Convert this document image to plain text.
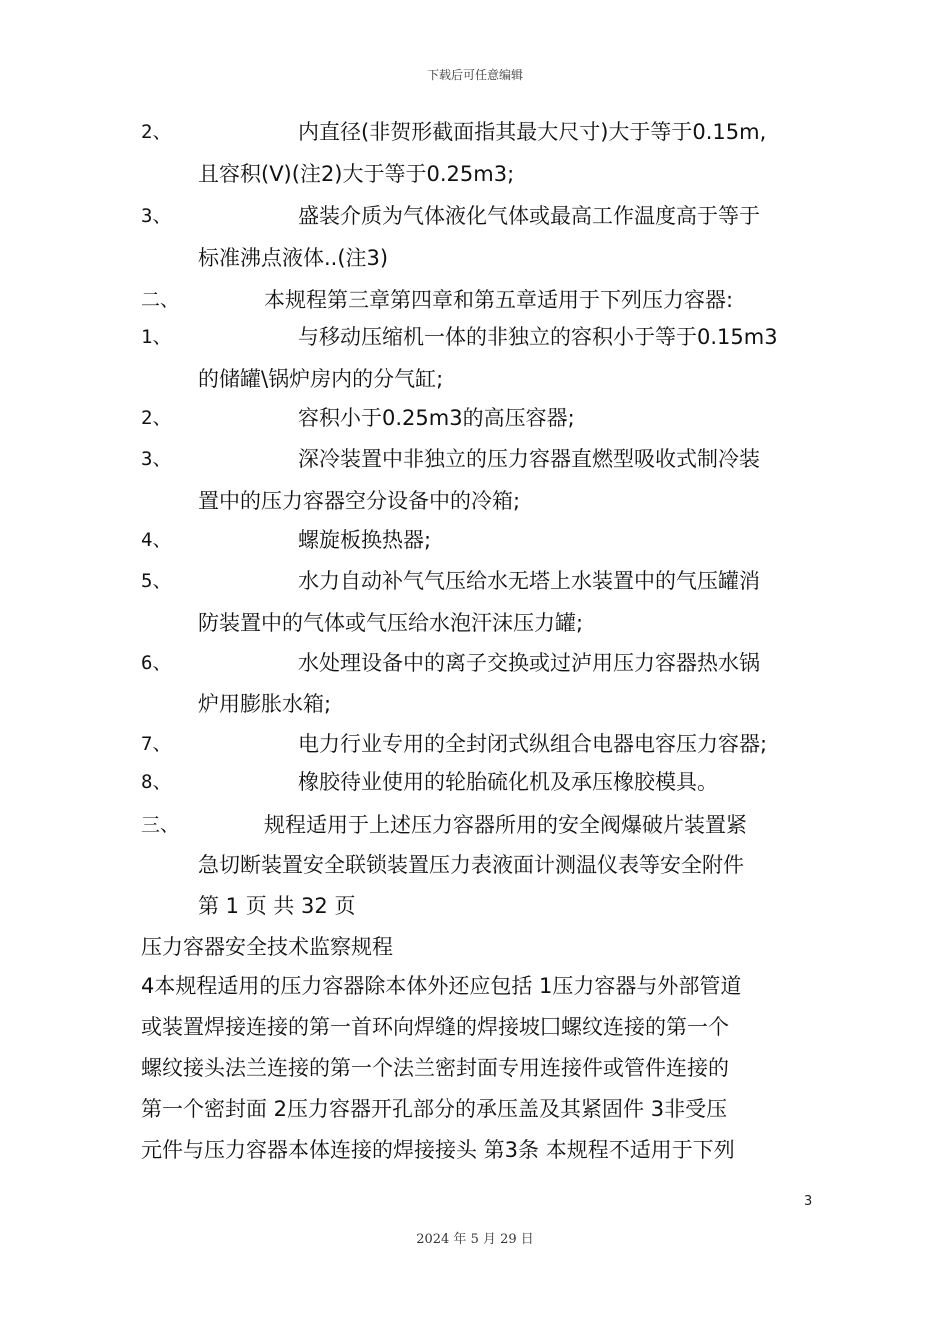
下载后可任意编辑
2、	内直径(非贺形截面指其最大尺寸)大于等于0.15m,
且容积(V)(注2)大于等于0.25m3;
3、	盛装介质为气体液化气体或最高工作温度高于等于
标准沸点液体..(注3)
二、	本规程第三章第四章和第五章适用于下列压力容器:
1、	与移动压缩机一体的非独立的容积小于等于0.15m3
的储罐\锅炉房内的分气缸;
2、	容积小于0.25m3的高压容器;
3、	深冷装置中非独立的压力容器直燃型吸收式制冷装
置中的压力容器空分设备中的冷箱;
4、	螺旋板换热器;
5、	水力自动补气气压给水无塔上水装置中的气压罐消
防装置中的气体或气压给水泡汗沫压力罐;
6、	水处理设备中的离子交换或过泸用压力容器热水锅
炉用膨胀水箱;
7、	电力行业专用的全封闭式纵组合电器电容压力容器;
8、	橡胶待业使用的轮胎硫化机及承压橡胶模具。
三、	规程适用于上述压力容器所用的安全阀爆破片装置紧
急切断装置安全联锁装置压力表液面计测温仪表等安全附件
第 1 页 共 32 页
压力容器安全技术监察规程
4本规程适用的压力容器除本体外还应包括 1压力容器与外部管道
或装置焊接连接的第一首环向焊缝的焊接坡囗螺纹连接的第一个
螺纹接头法兰连接的第一个法兰密封面专用连接件或管件连接的
第一个密封面 2压力容器开孔部分的承压盖及其紧固件 3非受压
元件与压力容器本体连接的焊接接头 第3条 本规程不适用于下列
3
2024 年 5 月 29 日
